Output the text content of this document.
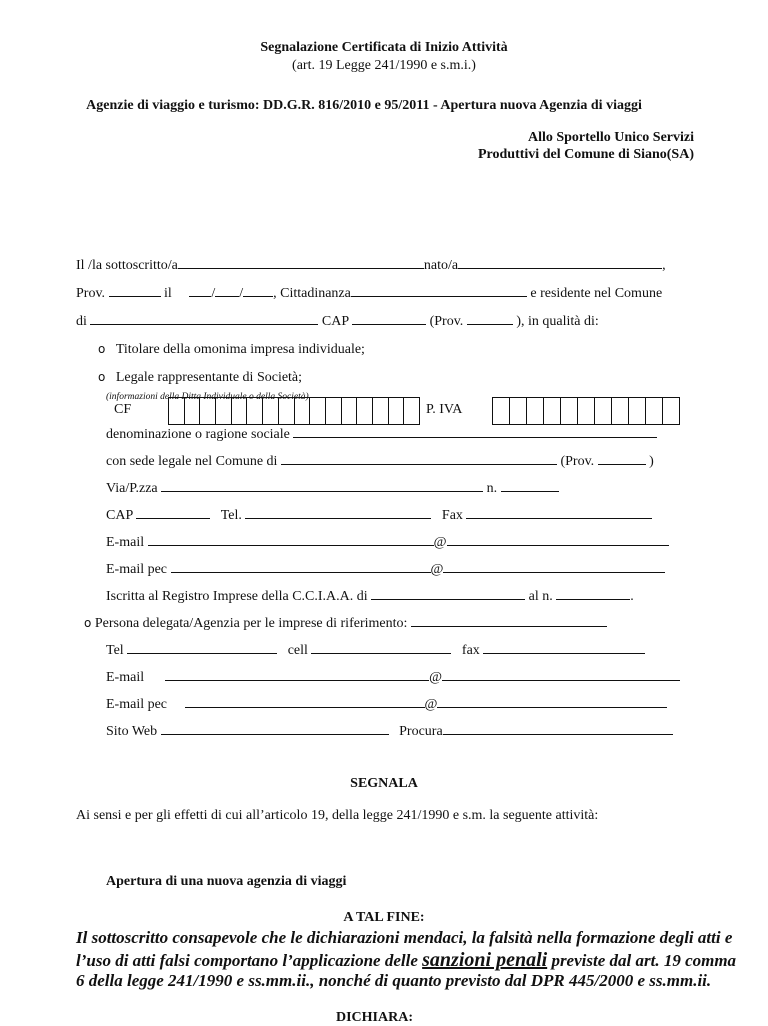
Segnalazione Certificata di Inizio Attività
(art. 19 Legge 241/1990 e s.m.i.)
Agenzie di viaggio e turismo: DD.G.R. 816/2010 e 95/2011 - Apertura nuova Agenzia di viaggi
Allo Sportello Unico Servizi
Produttivi del Comune di Siano(SA)
Il /la sottoscritto/a	nato/a	,
Prov.	il	/ / , Cittadinanza	e residente nel Comune
di	CAP	(Prov.	), in qualità di:
o Titolare della omonima impresa individuale;
o Legale rappresentante di Società;
(informazioni della Ditta Individuale o della Società)
CF	P. IVA
denominazione o ragione sociale
con sede legale nel Comune di	(Prov.	)
Via/P.zza	n.
CAP	Tel.	Fax
E-mail	@
E-mail pec	@
Iscritta al Registro Imprese della C.C.I.A.A. di	al n.	.
o Persona delegata/Agenzia per le imprese di riferimento:
Tel	cell	fax
E-mail	@
E-mail pec	@
Sito Web	Procura
SEGNALA
Ai sensi e per gli effetti di cui all’articolo 19, della legge 241/1990 e s.m. la seguente attività:
Apertura di una nuova agenzia di viaggi
A TAL FINE:
Il sottoscritto consapevole che le dichiarazioni mendaci, la falsità nella formazione degli atti e
l’uso di atti falsi comportano l’applicazione delle sanzioni penali previste dal art. 19 comma
6 della legge 241/1990 e ss.mm.ii., nonché di quanto previsto dal DPR 445/2000 e ss.mm.ii.
DICHIARA:
